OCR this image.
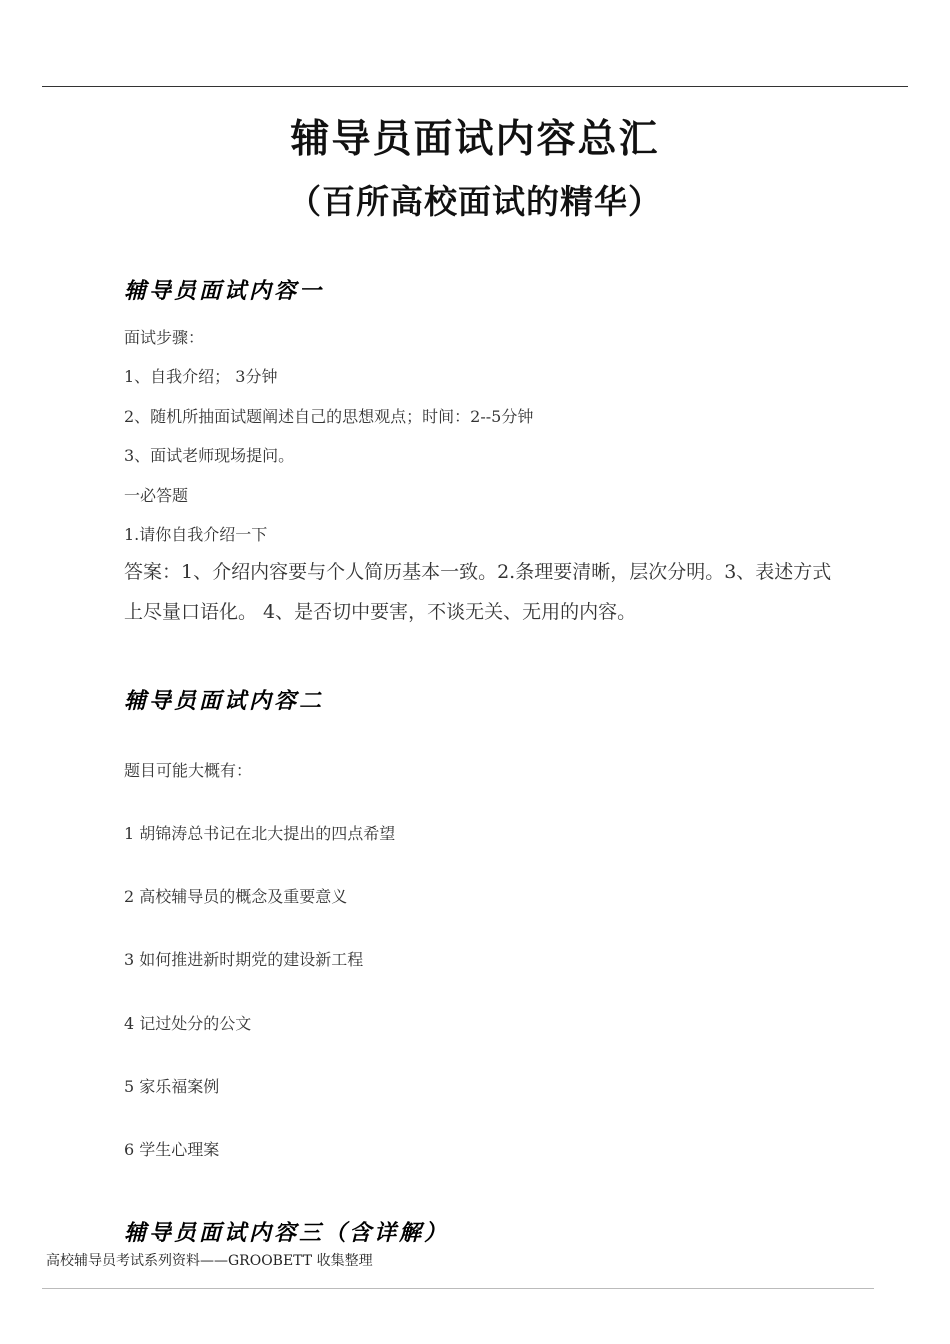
辅导员面试内容总汇
（百所高校面试的精华）
辅导员面试内容一
面试步骤：
1、自我介绍； 3分钟
2、随机所抽面试题阐述自己的思想观点；时间：2--5分钟
3、面试老师现场提问。
一必答题
1.请你自我介绍一下
答案：1、介绍内容要与个人简历基本一致。2.条理要清晰，层次分明。3、表述方式上尽量口语化。 4、是否切中要害，不谈无关、无用的内容。
辅导员面试内容二
题目可能大概有：
1 胡锦涛总书记在北大提出的四点希望
2 高校辅导员的概念及重要意义
3 如何推进新时期党的建设新工程
4 记过处分的公文
5 家乐福案例
6 学生心理案
辅导员面试内容三（含详解）
高校辅导员考试系列资料——GROOBETT 收集整理
